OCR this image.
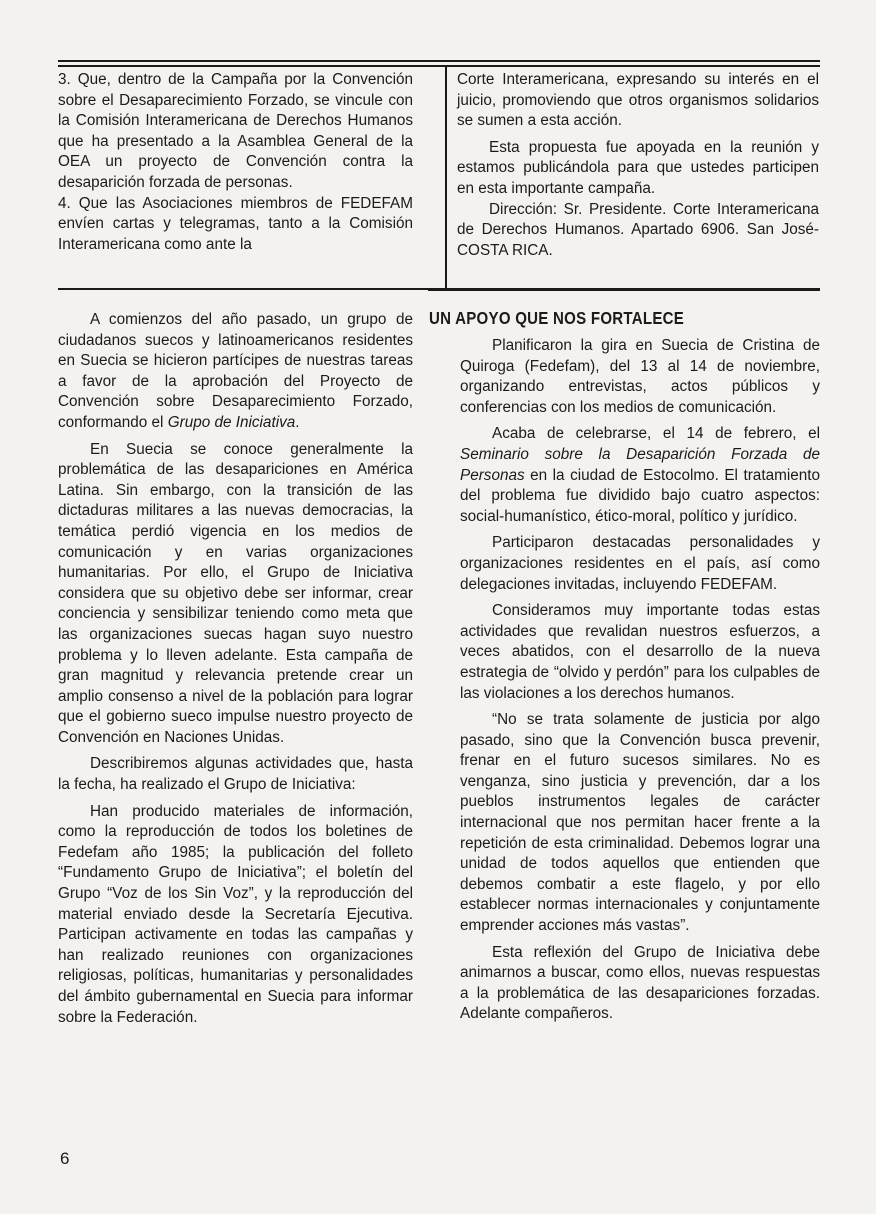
3. Que, dentro de la Campaña por la Convención sobre el Desaparecimiento Forzado, se vincule con la Comisión Interamericana de Derechos Humanos que ha presentado a la Asamblea General de la OEA un proyecto de Convención contra la desaparición forzada de personas.

4. Que las Asociaciones miembros de FEDEFAM envíen cartas y telegramas, tanto a la Comisión Interamericana como ante la

Corte Interamericana, expresando su interés en el juicio, promoviendo que otros organismos solidarios se sumen a esta acción.

Esta propuesta fue apoyada en la reunión y estamos publicándola para que ustedes participen en esta importante campaña.

Dirección: Sr. Presidente. Corte Interamericana de Derechos Humanos. Apartado 6906. San José-COSTA RICA.

A comienzos del año pasado, un grupo de ciudadanos suecos y latinoamericanos residentes en Suecia se hicieron partícipes de nuestras tareas a favor de la aprobación del Proyecto de Convención sobre Desaparecimiento Forzado, conformando el Grupo de Iniciativa.

En Suecia se conoce generalmente la problemática de las desapariciones en América Latina. Sin embargo, con la transición de las dictaduras militares a las nuevas democracias, la temática perdió vigencia en los medios de comunicación y en varias organizaciones humanitarias. Por ello, el Grupo de Iniciativa considera que su objetivo debe ser informar, crear conciencia y sensibilizar teniendo como meta que las organizaciones suecas hagan suyo nuestro problema y lo lleven adelante. Esta campaña de gran magnitud y relevancia pretende crear un amplio consenso a nivel de la población para lograr que el gobierno sueco impulse nuestro proyecto de Convención en Naciones Unidas.

Describiremos algunas actividades que, hasta la fecha, ha realizado el Grupo de Iniciativa:

Han producido materiales de información, como la reproducción de todos los boletines de Fedefam año 1985; la publicación del folleto “Fundamento Grupo de Iniciativa”; el boletín del Grupo “Voz de los Sin Voz”, y la reproducción del material enviado desde la Secretaría Ejecutiva. Participan activamente en todas las campañas y han realizado reuniones con organizaciones religiosas, políticas, humanitarias y personalidades del ámbito gubernamental en Suecia para informar sobre la Federación.

UN APOYO QUE NOS FORTALECE

Planificaron la gira en Suecia de Cristina de Quiroga (Fedefam), del 13 al 14 de noviembre, organizando entrevistas, actos públicos y conferencias con los medios de comunicación.

Acaba de celebrarse, el 14 de febrero, el Seminario sobre la Desaparición Forzada de Personas en la ciudad de Estocolmo. El tratamiento del problema fue dividido bajo cuatro aspectos: social-humanístico, ético-moral, político y jurídico.

Participaron destacadas personalidades y organizaciones residentes en el país, así como delegaciones invitadas, incluyendo FEDEFAM.

Consideramos muy importante todas estas actividades que revalidan nuestros esfuerzos, a veces abatidos, con el desarrollo de la nueva estrategia de “olvido y perdón” para los culpables de las violaciones a los derechos humanos.

“No se trata solamente de justicia por algo pasado, sino que la Convención busca prevenir, frenar en el futuro sucesos similares. No es venganza, sino justicia y prevención, dar a los pueblos instrumentos legales de carácter internacional que nos permitan hacer frente a la repetición de esta criminalidad. Debemos lograr una unidad de todos aquellos que entienden que debemos combatir a este flagelo, y por ello establecer normas internacionales y conjuntamente emprender acciones más vastas”.

Esta reflexión del Grupo de Iniciativa debe animarnos a buscar, como ellos, nuevas respuestas a la problemática de las desapariciones forzadas. Adelante compañeros.

6
